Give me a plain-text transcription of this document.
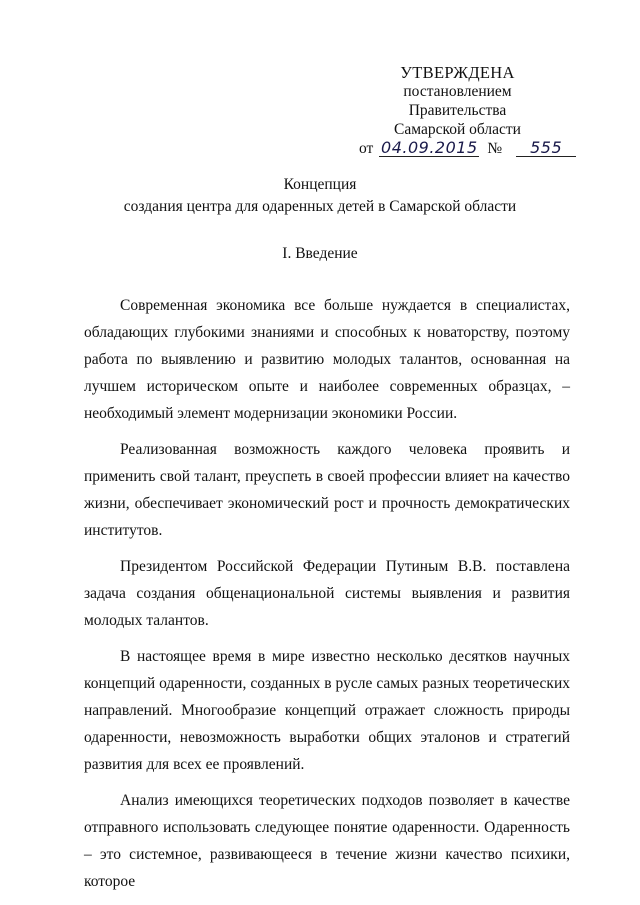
УТВЕРЖДЕНА
постановлением Правительства
Самарской области
от 04.09.2015 № 555
Концепция
создания центра для одаренных детей в Самарской области
I. Введение

Современная экономика все больше нуждается в специалистах, обладающих глубокими знаниями и способных к новаторству, поэтому работа по выявлению и развитию молодых талантов, основанная на лучшем историческом опыте и наиболее современных образцах, – необходимый элемент модернизации экономики России.

Реализованная возможность каждого человека проявить и применить свой талант, преуспеть в своей профессии влияет на качество жизни, обеспечивает экономический рост и прочность демократических институтов.

Президентом Российской Федерации Путиным В.В. поставлена задача создания общенациональной системы выявления и развития молодых талантов.

В настоящее время в мире известно несколько десятков научных концепций одаренности, созданных в русле самых разных теоретических направлений. Многообразие концепций отражает сложность природы одаренности, невозможность выработки общих эталонов и стратегий развития для всех ее проявлений.

Анализ имеющихся теоретических подходов позволяет в качестве отправного использовать следующее понятие одаренности. Одаренность – это системное, развивающееся в течение жизни качество психики, которое
